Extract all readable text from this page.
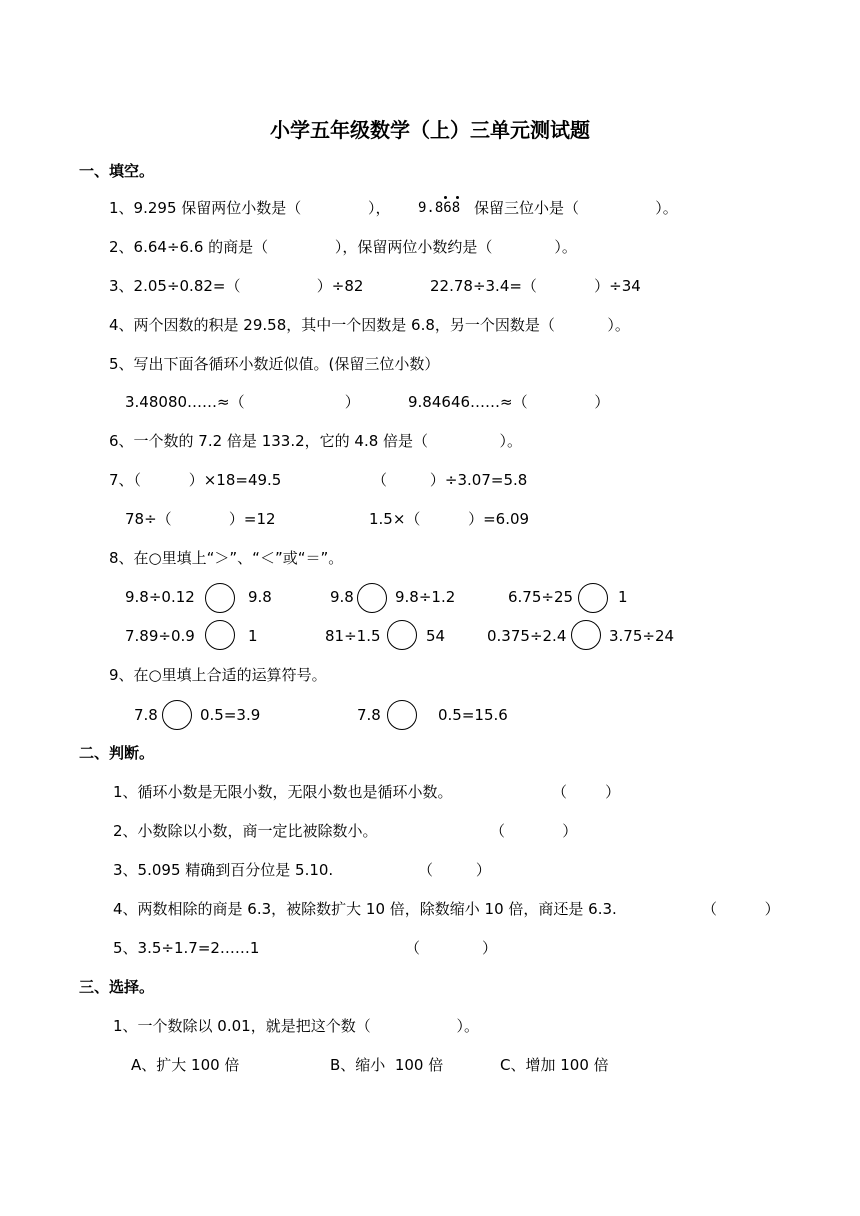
小学五年级数学（上）三单元测试题
一、填空。
1、9.295 保留两位小数是（              ）， 9.868 保留三位小是（                ）。
2、6.64÷6.6 的商是（              ），保留两位小数约是（             ）。
3、2.05÷0.82=（                ）÷82	22.78÷3.4=（            ）÷34
4、两个因数的积是 29.58，其中一个因数是 6.8，另一个因数是（           ）。
5、写出下面各循环小数近似值。(保留三位小数）
3.48080……≈（                     ）	9.84646……≈（              ）
6、一个数的 7.2 倍是 133.2，它的 4.8 倍是（               ）。
7、（          ）×18=49.5	（         ）÷3.07=5.8
78÷（            ）=12	1.5×（          ）=6.09
8、在○里填上“＞”、“＜”或“＝”。
9.8÷0.12	9.8	9.8	9.8÷1.2	6.75÷25	1
7.89÷0.9	1	81÷1.5	54	0.375÷2.4	3.75÷24
9、在○里填上合适的运算符号。
7.8	0.5=3.9	7.8	0.5=15.6
二、判断。
1、循环小数是无限小数，无限小数也是循环小数。	（        ）
2、小数除以小数，商一定比被除数小。	（            ）
3、5.095 精确到百分位是 5.10.	（         ）
4、两数相除的商是 6.3，被除数扩大 10 倍，除数缩小 10 倍，商还是 6.3.	（          ）
5、3.5÷1.7=2……1	（             ）
三、选择。
1、一个数除以 0.01，就是把这个数（                  ）。
A、扩大 100 倍	B、缩小  100 倍	C、增加 100 倍
